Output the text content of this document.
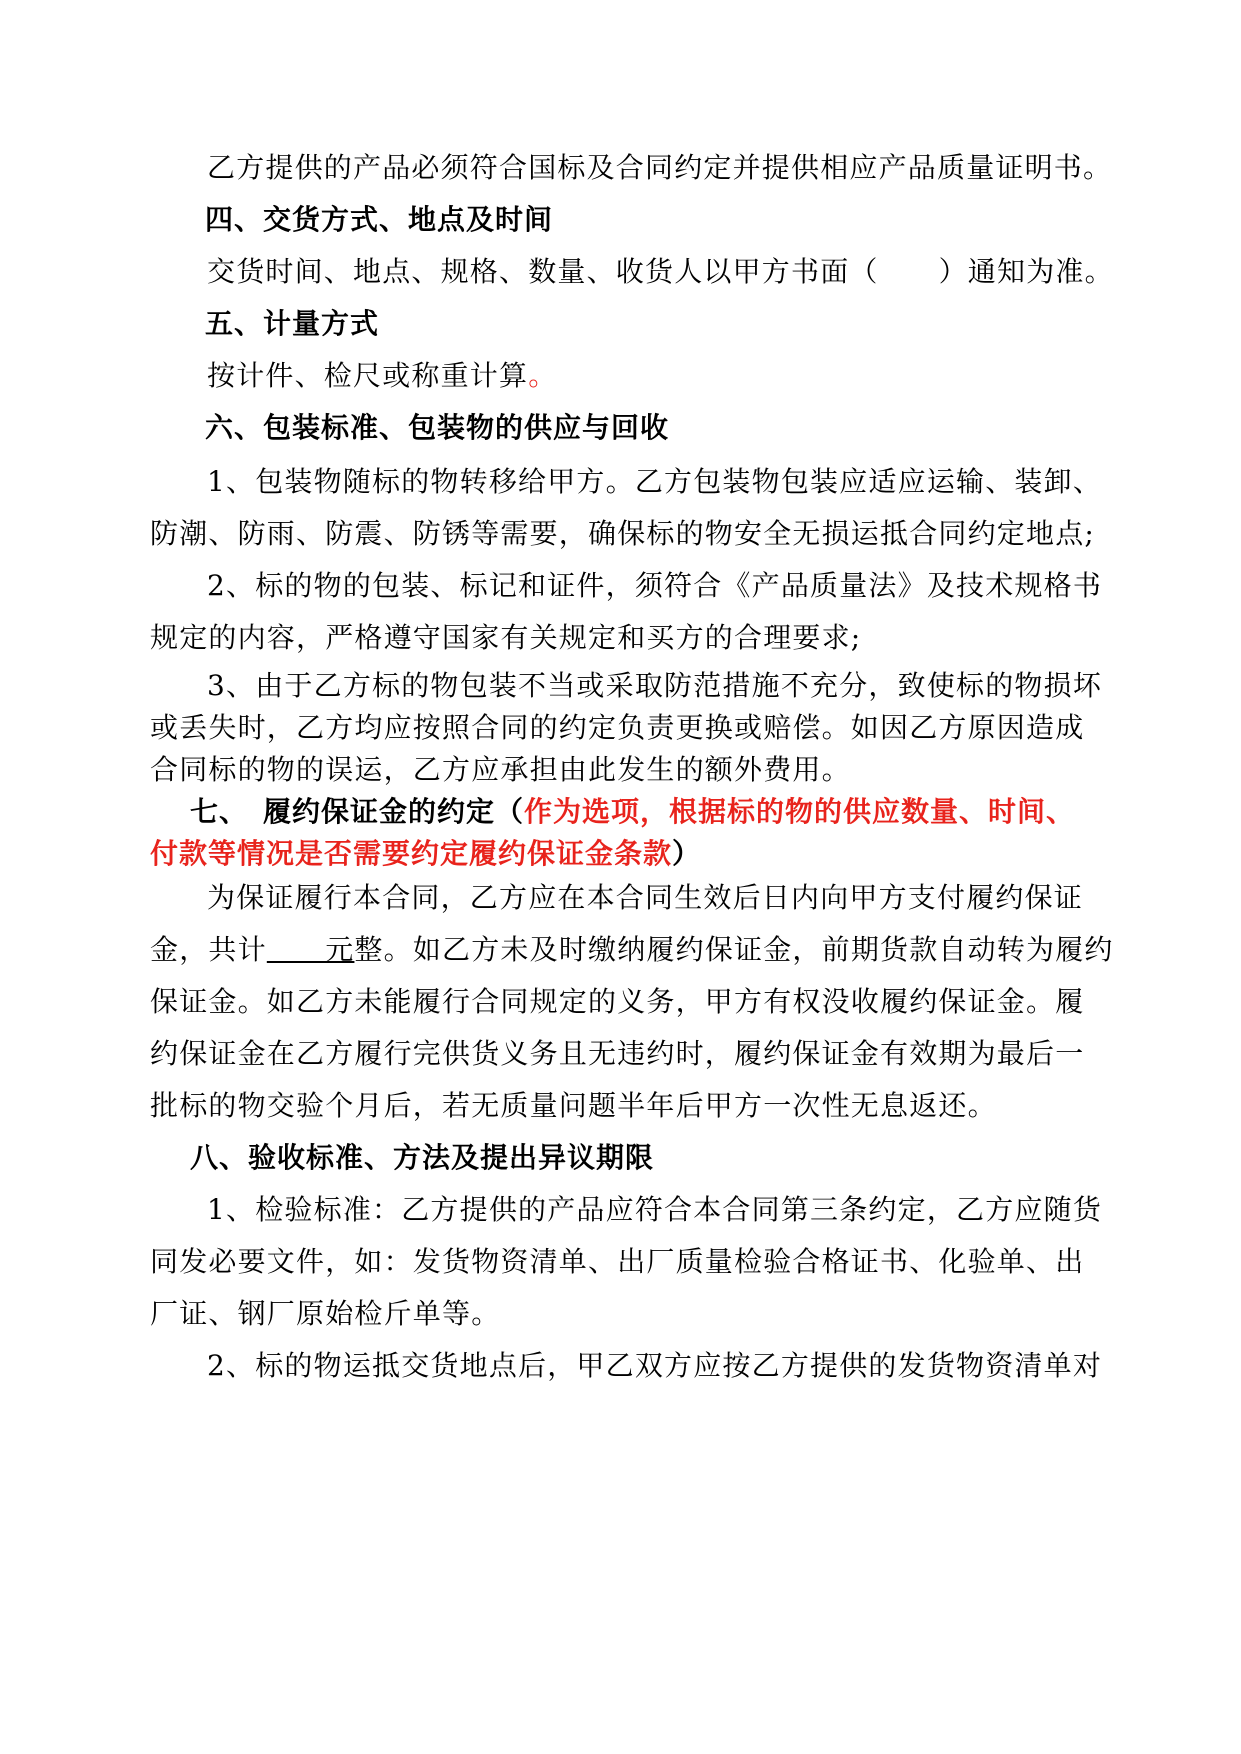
乙方提供的产品必须符合国标及合同约定并提供相应产品质量证明书。
四、交货方式、地点及时间
交货时间、地点、规格、数量、收货人以甲方书面（ ）通知为准。
五、计量方式
按计件、检尺或称重计算。
六、包装标准、包装物的供应与回收
1、包装物随标的物转移给甲方。乙方包装物包装应适应运输、装卸、
防潮、防雨、防震、防锈等需要，确保标的物安全无损运抵合同约定地点;
2、标的物的包装、标记和证件，须符合《产品质量法》及技术规格书
规定的内容，严格遵守国家有关规定和买方的合理要求;
3、由于乙方标的物包装不当或采取防范措施不充分，致使标的物损坏
或丢失时，乙方均应按照合同的约定负责更换或赔偿。如因乙方原因造成
合同标的物的误运，乙方应承担由此发生的额外费用。
七、　履约保证金的约定（作为选项，根据标的物的供应数量、时间、
付款等情况是否需要约定履约保证金条款）
为保证履行本合同，乙方应在本合同生效后日内向甲方支付履约保证
金，共计　　元整。如乙方未及时缴纳履约保证金，前期货款自动转为履约
保证金。如乙方未能履行合同规定的义务，甲方有权没收履约保证金。履
约保证金在乙方履行完供货义务且无违约时，履约保证金有效期为最后一
批标的物交验个月后，若无质量问题半年后甲方一次性无息返还。
八、验收标准、方法及提出异议期限
1、检验标准：乙方提供的产品应符合本合同第三条约定，乙方应随货
同发必要文件，如：发货物资清单、出厂质量检验合格证书、化验单、出
厂证、钢厂原始检斤单等。
2、标的物运抵交货地点后，甲乙双方应按乙方提供的发货物资清单对
